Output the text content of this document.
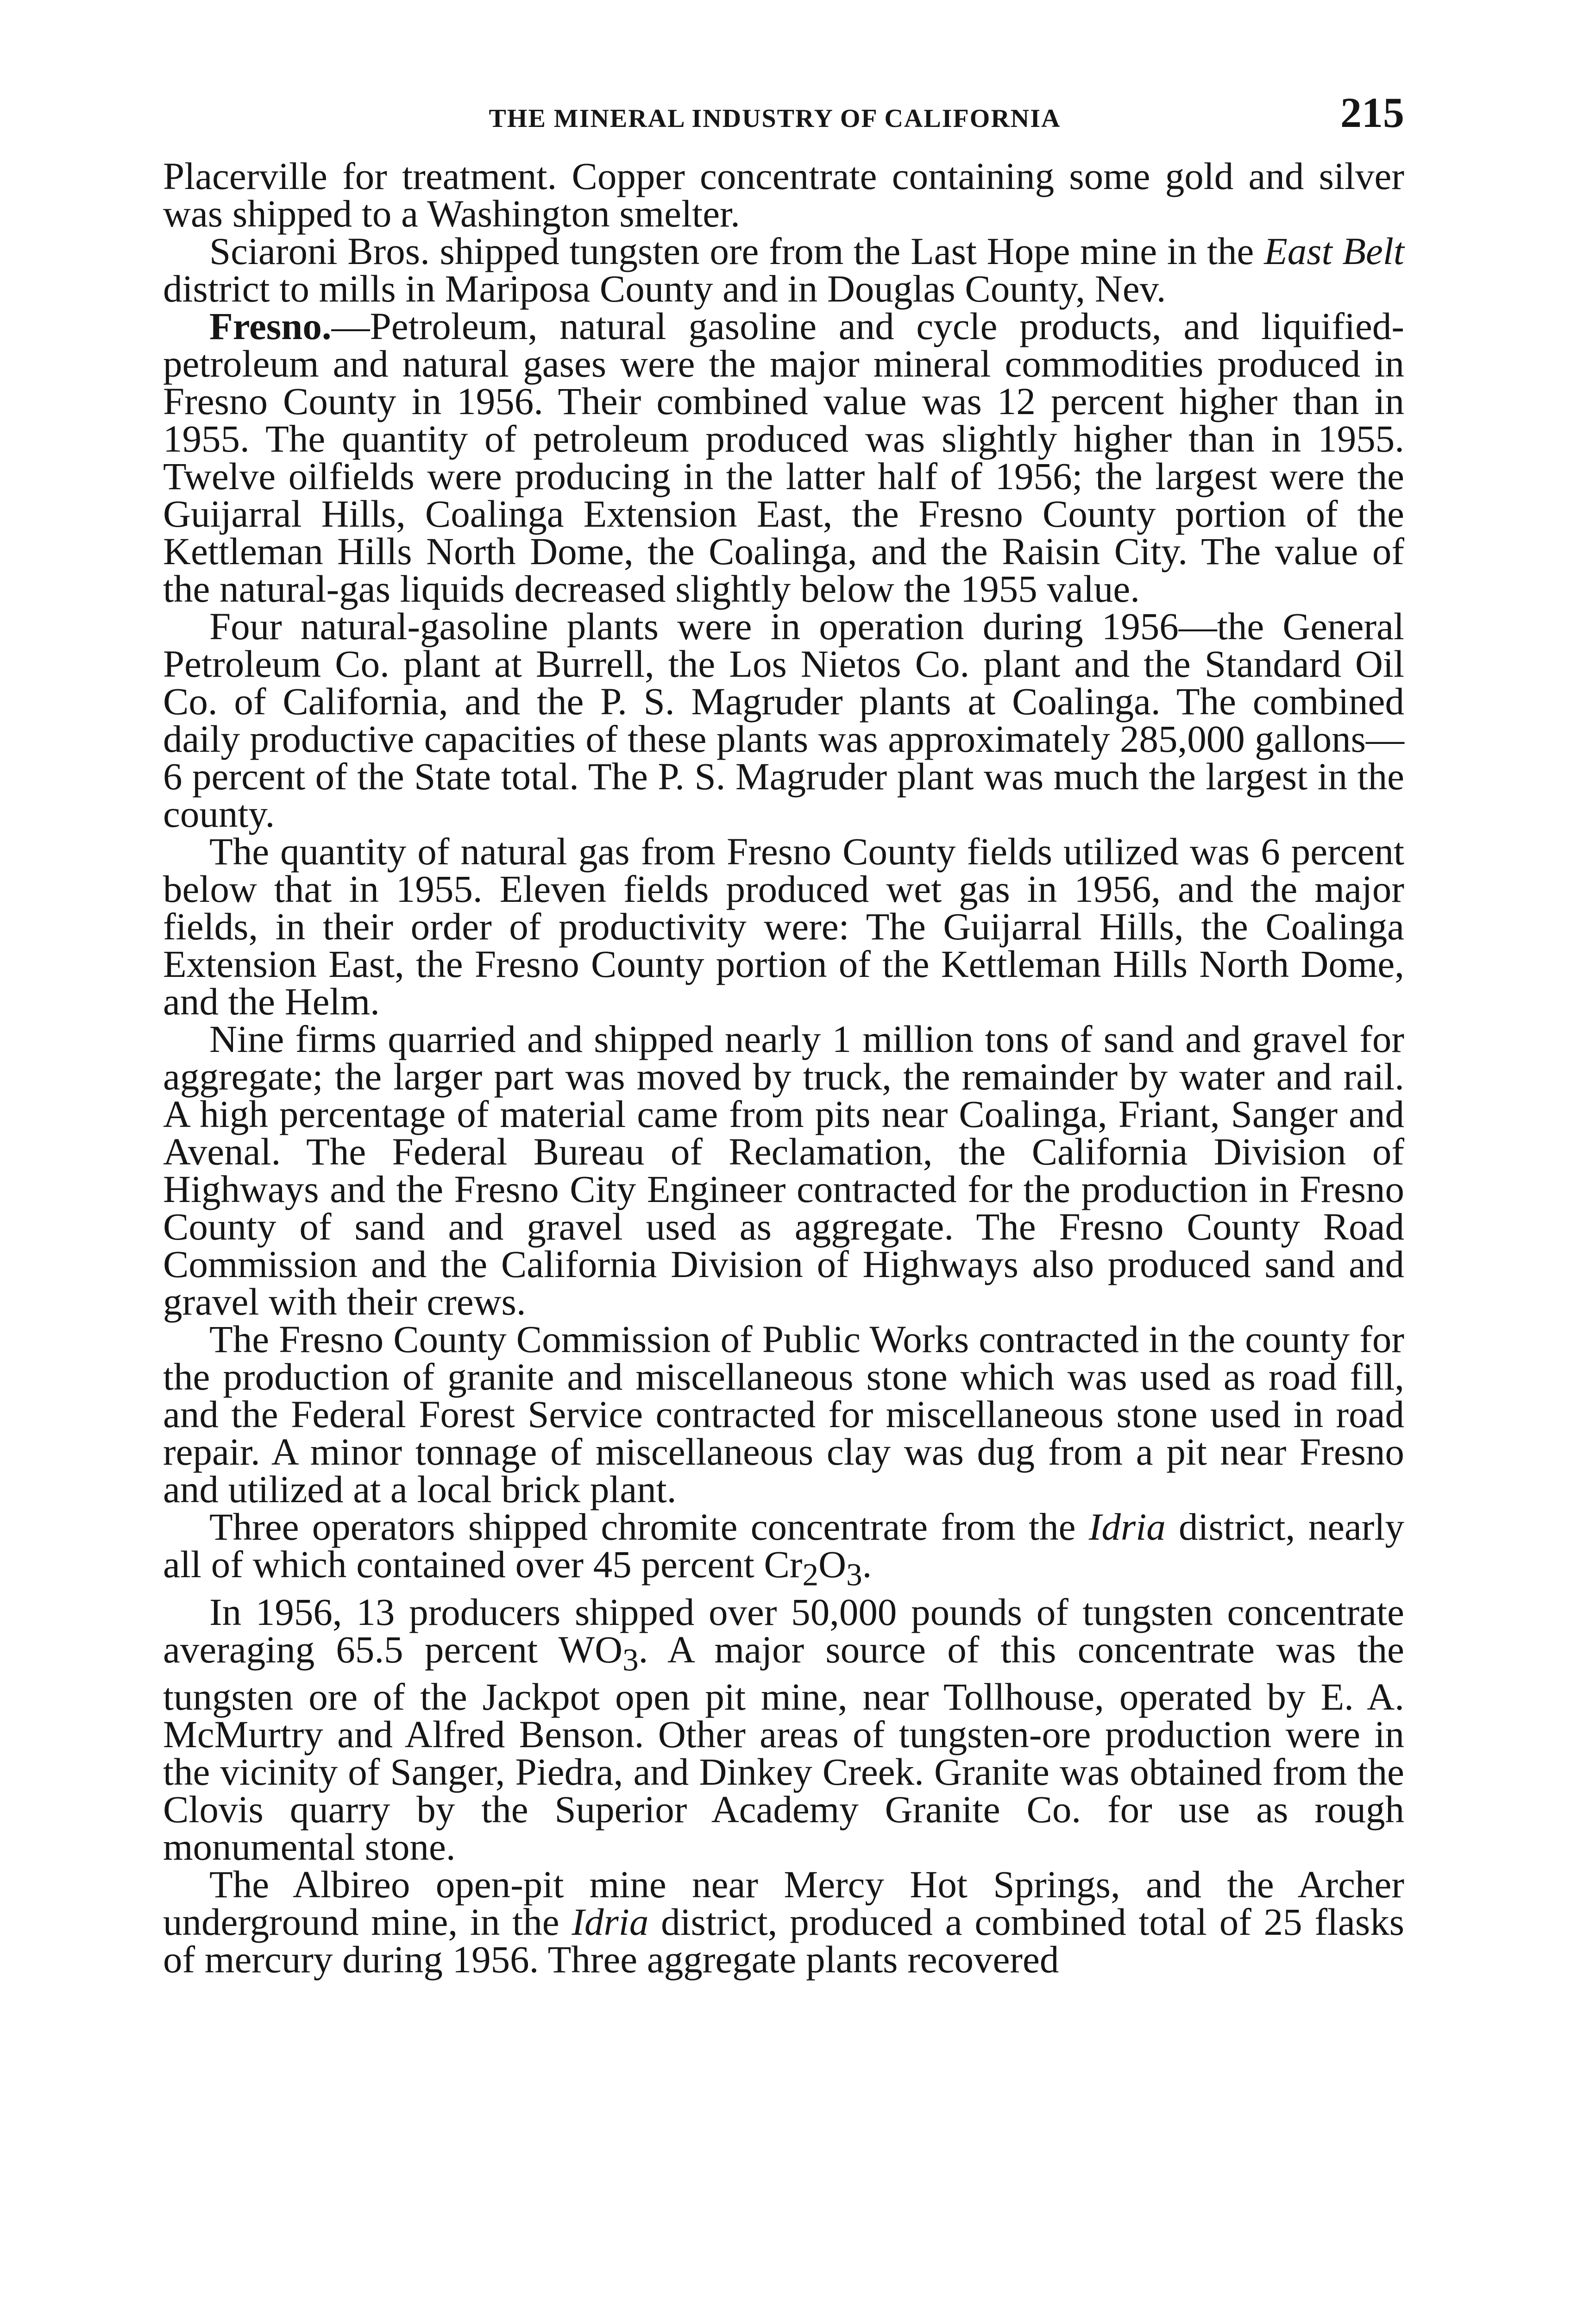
THE MINERAL INDUSTRY OF CALIFORNIA	215

Placerville for treatment. Copper concentrate containing some gold and silver was shipped to a Washington smelter.

Sciaroni Bros. shipped tungsten ore from the Last Hope mine in the East Belt district to mills in Mariposa County and in Douglas County, Nev.

Fresno.—Petroleum, natural gasoline and cycle products, and liquified-petroleum and natural gases were the major mineral commodities produced in Fresno County in 1956. Their combined value was 12 percent higher than in 1955. The quantity of petroleum produced was slightly higher than in 1955. Twelve oilfields were producing in the latter half of 1956; the largest were the Guijarral Hills, Coalinga Extension East, the Fresno County portion of the Kettleman Hills North Dome, the Coalinga, and the Raisin City. The value of the natural-gas liquids decreased slightly below the 1955 value.

Four natural-gasoline plants were in operation during 1956—the General Petroleum Co. plant at Burrell, the Los Nietos Co. plant and the Standard Oil Co. of California, and the P. S. Magruder plants at Coalinga. The combined daily productive capacities of these plants was approximately 285,000 gallons—6 percent of the State total. The P. S. Magruder plant was much the largest in the county.

The quantity of natural gas from Fresno County fields utilized was 6 percent below that in 1955. Eleven fields produced wet gas in 1956, and the major fields, in their order of productivity were: The Guijarral Hills, the Coalinga Extension East, the Fresno County portion of the Kettleman Hills North Dome, and the Helm.

Nine firms quarried and shipped nearly 1 million tons of sand and gravel for aggregate; the larger part was moved by truck, the remainder by water and rail. A high percentage of material came from pits near Coalinga, Friant, Sanger and Avenal. The Federal Bureau of Reclamation, the California Division of Highways and the Fresno City Engineer contracted for the production in Fresno County of sand and gravel used as aggregate. The Fresno County Road Commission and the California Division of Highways also produced sand and gravel with their crews.

The Fresno County Commission of Public Works contracted in the county for the production of granite and miscellaneous stone which was used as road fill, and the Federal Forest Service contracted for miscellaneous stone used in road repair. A minor tonnage of miscellaneous clay was dug from a pit near Fresno and utilized at a local brick plant.

Three operators shipped chromite concentrate from the Idria district, nearly all of which contained over 45 percent $Cr_2O_3$.

In 1956, 13 producers shipped over 50,000 pounds of tungsten concentrate averaging 65.5 percent $WO_3$. A major source of this concentrate was the tungsten ore of the Jackpot open pit mine, near Tollhouse, operated by E. A. McMurtry and Alfred Benson. Other areas of tungsten-ore production were in the vicinity of Sanger, Piedra, and Dinkey Creek. Granite was obtained from the Clovis quarry by the Superior Academy Granite Co. for use as rough monumental stone.

The Albireo open-pit mine near Mercy Hot Springs, and the Archer underground mine, in the Idria district, produced a combined total of 25 flasks of mercury during 1956. Three aggregate plants recovered
